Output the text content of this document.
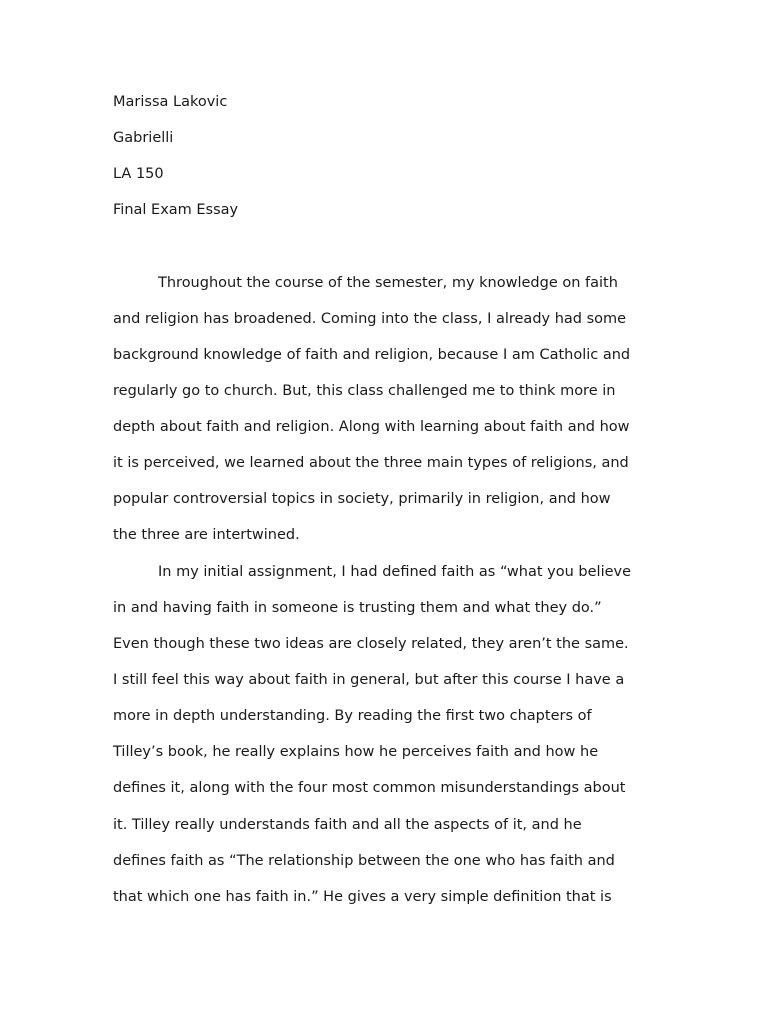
Marissa Lakovic
Gabrielli
LA 150
Final Exam Essay
Throughout the course of the semester, my knowledge on faith
and religion has broadened. Coming into the class, I already had some
background knowledge of faith and religion, because I am Catholic and
regularly go to church. But, this class challenged me to think more in
depth about faith and religion. Along with learning about faith and how
it is perceived, we learned about the three main types of religions, and
popular controversial topics in society, primarily in religion, and how
the three are intertwined.
In my initial assignment, I had defined faith as “what you believe
in and having faith in someone is trusting them and what they do.”
Even though these two ideas are closely related, they aren’t the same.
I still feel this way about faith in general, but after this course I have a
more in depth understanding. By reading the first two chapters of
Tilley’s book, he really explains how he perceives faith and how he
defines it, along with the four most common misunderstandings about
it. Tilley really understands faith and all the aspects of it, and he
defines faith as “The relationship between the one who has faith and
that which one has faith in.” He gives a very simple definition that is
